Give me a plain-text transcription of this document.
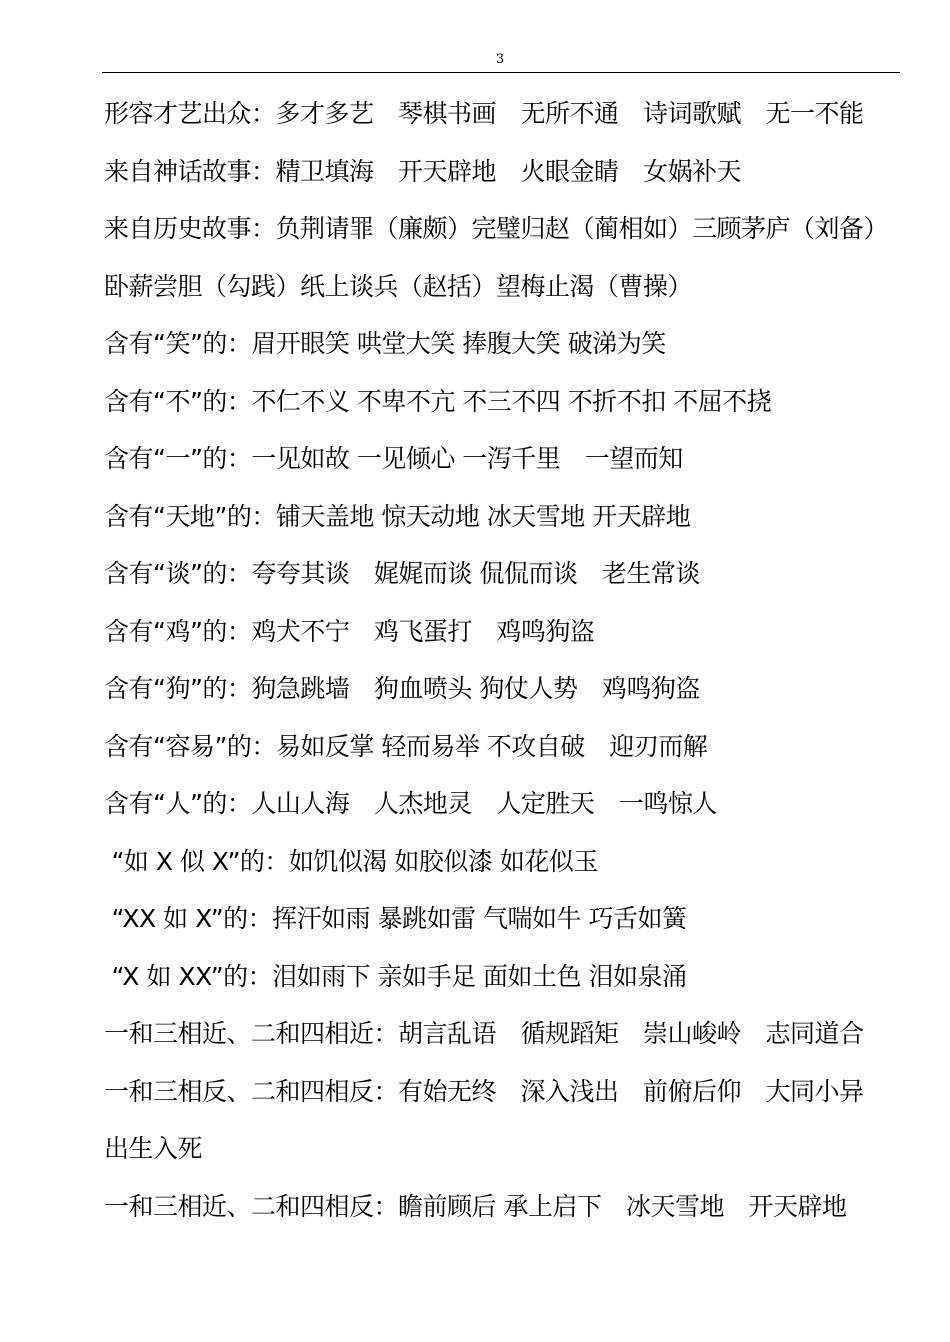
3
形容才艺出众：多才多艺　琴棋书画　无所不通　诗词歌赋　无一不能
来自神话故事：精卫填海　开天辟地　火眼金睛　女娲补天
来自历史故事：负荆请罪（廉颇）完璧归赵（蔺相如）三顾茅庐（刘备）
卧薪尝胆（勾践）纸上谈兵（赵括）望梅止渴（曹操）
含有“笑”的：眉开眼笑 哄堂大笑 捧腹大笑 破涕为笑
含有“不”的：不仁不义 不卑不亢 不三不四 不折不扣 不屈不挠
含有“一”的：一见如故 一见倾心 一泻千里　一望而知
含有“天地”的：铺天盖地 惊天动地 冰天雪地 开天辟地
含有“谈”的：夸夸其谈　娓娓而谈 侃侃而谈　老生常谈
含有“鸡”的：鸡犬不宁　鸡飞蛋打　鸡鸣狗盗
含有“狗”的：狗急跳墙　狗血喷头 狗仗人势　鸡鸣狗盗
含有“容易”的：易如反掌 轻而易举 不攻自破　迎刃而解
含有“人”的：人山人海　人杰地灵　人定胜天　一鸣惊人
“如 X 似 X”的：如饥似渴 如胶似漆 如花似玉
“XX 如 X”的：挥汗如雨 暴跳如雷 气喘如牛 巧舌如簧
“X 如 XX”的：泪如雨下 亲如手足 面如土色 泪如泉涌
一和三相近、二和四相近：胡言乱语　循规蹈矩　崇山峻岭　志同道合
一和三相反、二和四相反：有始无终　深入浅出　前俯后仰　大同小异
出生入死
一和三相近、二和四相反：瞻前顾后 承上启下　冰天雪地　开天辟地
